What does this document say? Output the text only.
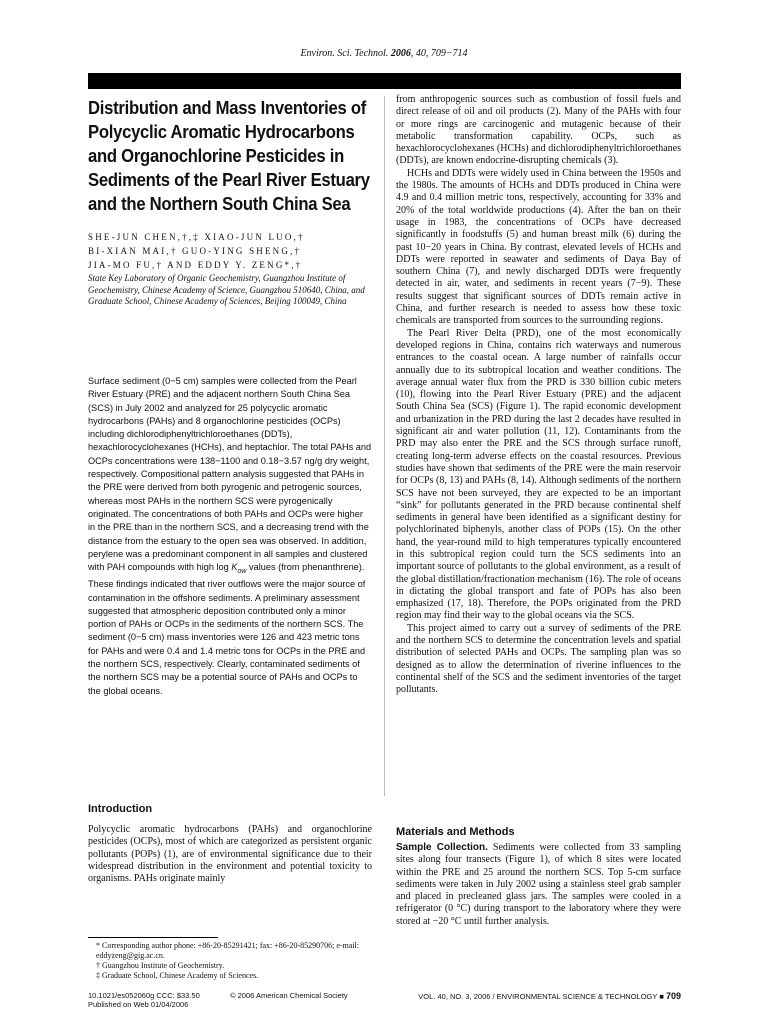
Environ. Sci. Technol. 2006, 40, 709−714
Distribution and Mass Inventories of Polycyclic Aromatic Hydrocarbons and Organochlorine Pesticides in Sediments of the Pearl River Estuary and the Northern South China Sea

SHE-JUN CHEN,†,‡ XIAO-JUN LUO,†

BI-XIAN MAI,† GUO-YING SHENG,†

JIA-MO FU,† AND EDDY Y. ZENG*,†

State Key Laboratory of Organic Geochemistry, Guangzhou Institute of Geochemistry, Chinese Academy of Science, Guangzhou 510640, China, and Graduate School, Chinese Academy of Sciences, Beijing 100049, China

Surface sediment (0−5 cm) samples were collected from the Pearl River Estuary (PRE) and the adjacent northern South China Sea (SCS) in July 2002 and analyzed for 25 polycyclic aromatic hydrocarbons (PAHs) and 8 organochlorine pesticides (OCPs) including dichlorodiphenyltrichloroethanes (DDTs), hexachlorocyclohexanes (HCHs), and heptachlor. The total PAHs and OCPs concentrations were 138−1100 and 0.18−3.57 ng/g dry weight, respectively. Compositional pattern analysis suggested that PAHs in the PRE were derived from both pyrogenic and petrogenic sources, whereas most PAHs in the northern SCS were pyrogenically originated. The concentrations of both PAHs and OCPs were higher in the PRE than in the northern SCS, and a decreasing trend with the distance from the estuary to the open sea was observed. In addition, perylene was a predominant component in all samples and clustered with PAH compounds with high $\log K_{ow}$ values (from phenanthrene). These findings indicated that river outflows were the major source of contamination in the offshore sediments. A preliminary assessment suggested that atmospheric deposition contributed only a minor portion of PAHs or OCPs in the sediments of the northern SCS. The sediment (0−5 cm) mass inventories were 126 and 423 metric tons for PAHs and were 0.4 and 1.4 metric tons for OCPs in the PRE and the northern SCS, respectively. Clearly, contaminated sediments of the northern SCS may be a potential source of PAHs and OCPs to the global oceans.

Introduction

Polycyclic aromatic hydrocarbons (PAHs) and organochlorine pesticides (OCPs), most of which are categorized as persistent organic pollutants (POPs) (1), are of environmental significance due to their widespread distribution in the environment and potential toxicity to organisms. PAHs originate mainly

* Corresponding author phone: +86-20-85291421; fax: +86-20-85290706; e-mail: eddyzeng@gig.ac.cn.

† Guangzhou Institute of Geochemistry.

‡ Graduate School, Chinese Academy of Sciences.

from anthropogenic sources such as combustion of fossil fuels and direct release of oil and oil products (2). Many of the PAHs with four or more rings are carcinogenic and mutagenic because of their metabolic transformation capability. OCPs, such as hexachlorocyclohexanes (HCHs) and dichlorodiphenyltrichloroethanes (DDTs), are known endocrine-disrupting chemicals (3).

HCHs and DDTs were widely used in China between the 1950s and the 1980s. The amounts of HCHs and DDTs produced in China were 4.9 and 0.4 million metric tons, respectively, accounting for 33% and 20% of the total worldwide productions (4). After the ban on their usage in 1983, the concentrations of OCPs have decreased significantly in foodstuffs (5) and human breast milk (6) during the past 10−20 years in China. By contrast, elevated levels of HCHs and DDTs were reported in seawater and sediments of Daya Bay of southern China (7), and newly discharged DDTs were frequently detected in air, water, and sediments in recent years (7−9). These results suggest that significant sources of DDTs remain active in China, and further research is needed to assess how these toxic chemicals are transported from sources to the surrounding regions.

The Pearl River Delta (PRD), one of the most economically developed regions in China, contains rich waterways and numerous entrances to the coastal ocean. A large number of rainfalls occur annually due to its subtropical location and weather conditions. The average annual water flux from the PRD is 330 billion cubic meters (10), flowing into the Pearl River Estuary (PRE) and the adjacent South China Sea (SCS) (Figure 1). The rapid economic development and urbanization in the PRD during the last 2 decades have resulted in significant air and water pollution (11, 12). Contaminants from the PRD may also enter the PRE and the SCS through surface runoff, creating long-term adverse effects on the coastal resources. Previous studies have shown that sediments of the PRE were the main reservoir for OCPs (8, 13) and PAHs (8, 14). Although sediments of the northern SCS have not been surveyed, they are expected to be an important “sink” for pollutants generated in the PRD because continental shelf sediments in general have been identified as a significant destiny for polychlorinated biphenyls, another class of POPs (15). On the other hand, the year-round mild to high temperatures typically encountered in this subtropical region could turn the SCS sediments into an important source of pollutants to the global environment, as a result of the global distillation/fractionation mechanism (16). The role of oceans in dictating the global transport and fate of POPs has also been emphasized (17, 18). Therefore, the POPs originated from the PRD region may find their way to the global oceans via the SCS.

This project aimed to carry out a survey of sediments of the PRE and the northern SCS to determine the concentration levels and spatial distribution of selected PAHs and OCPs. The sampling plan was so designed as to allow the determination of riverine influences to the continental shelf of the SCS and the sediment inventories of the target pollutants.

Materials and Methods

Sample Collection. Sediments were collected from 33 sampling sites along four transects (Figure 1), of which 8 sites were located within the PRE and 25 around the northern SCS. Top 5-cm surface sediments were taken in July 2002 using a stainless steel grab sampler and placed in precleaned glass jars. The samples were cooled in a refrigerator (0 °C) during transport to the laboratory where they were stored at −20 °C until further analysis.

10.1021/es052060g CCC: $33.50
Published on Web 01/04/2006
© 2006 American Chemical Society	VOL. 40, NO. 3, 2006 / ENVIRONMENTAL SCIENCE & TECHNOLOGY ■ 709
